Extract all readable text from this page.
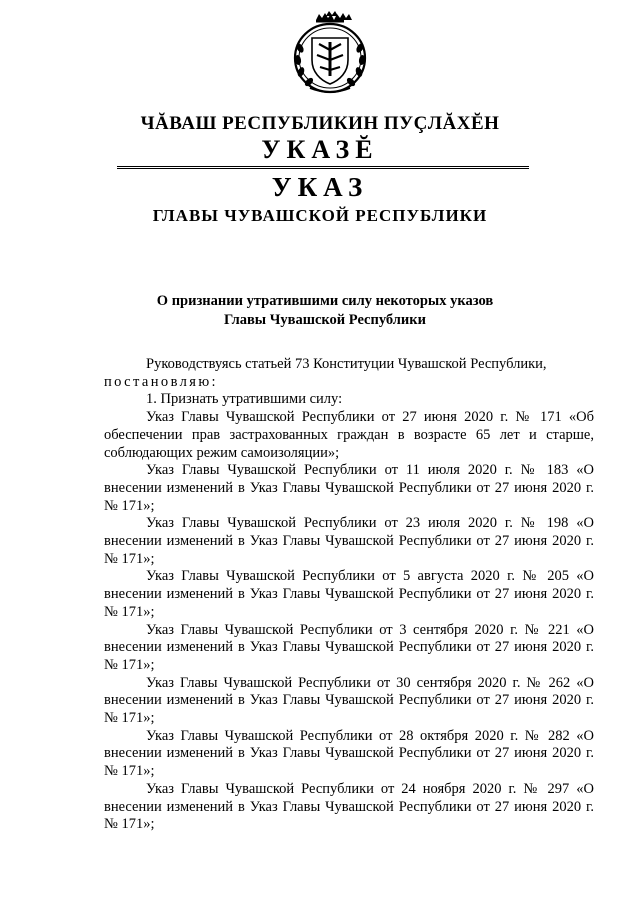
ЧĂВАШ РЕСПУБЛИКИН ПУÇЛĂХĔН
УКАЗĔ
УКАЗ
ГЛАВЫ ЧУВАШСКОЙ РЕСПУБЛИКИ
О признании утратившими силу некоторых указов
Главы Чувашской Республики

Руководствуясь статьей 73 Конституции Чувашской Республики,

постановляю:

1. Признать утратившими силу:

Указ Главы Чувашской Республики от 27 июня 2020 г. № 171 «Об обеспечении прав застрахованных граждан в возрасте 65 лет и старше, соблюдающих режим самоизоляции»;

Указ Главы Чувашской Республики от 11 июля 2020 г. № 183 «О внесении изменений в Указ Главы Чувашской Республики от 27 июня 2020 г. № 171»;

Указ Главы Чувашской Республики от 23 июля 2020 г. № 198 «О внесении изменений в Указ Главы Чувашской Республики от 27 июня 2020 г. № 171»;

Указ Главы Чувашской Республики от 5 августа 2020 г. № 205 «О внесении изменений в Указ Главы Чувашской Республики от 27 июня 2020 г. № 171»;

Указ Главы Чувашской Республики от 3 сентября 2020 г. № 221 «О внесении изменений в Указ Главы Чувашской Республики от 27 июня 2020 г. № 171»;

Указ Главы Чувашской Республики от 30 сентября 2020 г. № 262 «О внесении изменений в Указ Главы Чувашской Республики от 27 июня 2020 г. № 171»;

Указ Главы Чувашской Республики от 28 октября 2020 г. № 282 «О внесении изменений в Указ Главы Чувашской Республики от 27 июня 2020 г. № 171»;

Указ Главы Чувашской Республики от 24 ноября 2020 г. № 297 «О внесении изменений в Указ Главы Чувашской Республики от 27 июня 2020 г. № 171»;
